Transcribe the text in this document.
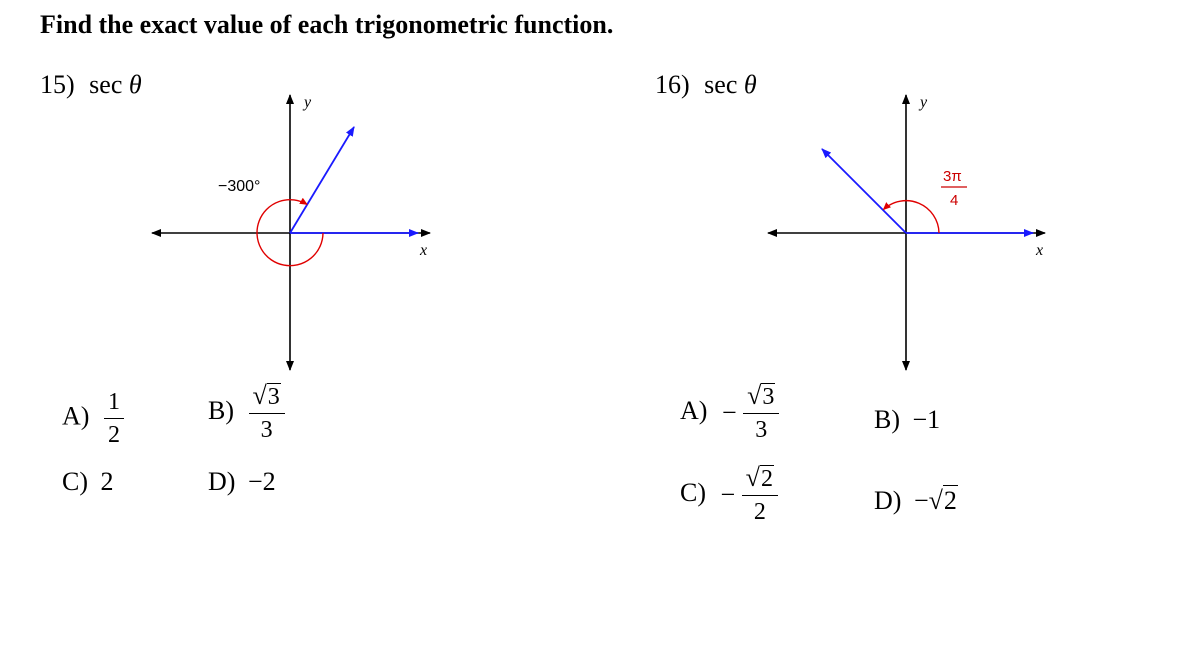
Find the exact value of each trigonometric function.
15) sec θ	16) sec θ
x
y
−300°
x
y
3π
4
$A) \frac{1}{2}$	$B) \frac{√3}{3}$
C) 2	D) −2
$A) - \frac{√3}{3}$	B) −1
$C) - \frac{√2}{2}$	D) −√2
